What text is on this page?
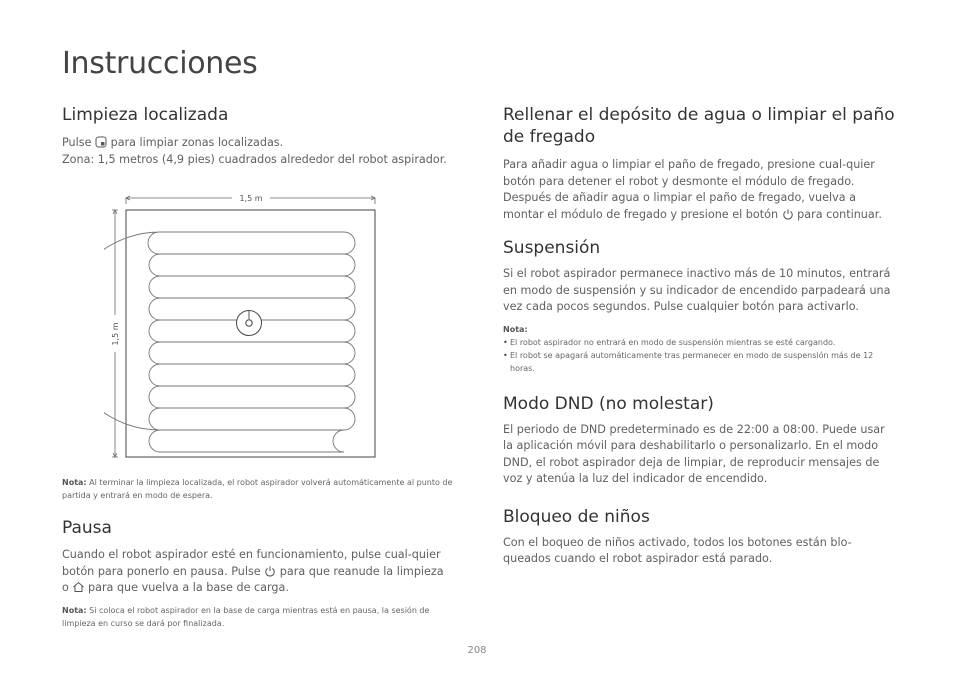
Instrucciones
Limpieza localizada

Pulse para limpiar zonas localizadas.
Zona: 1,5 metros (4,9 pies) cuadrados alrededor del robot aspirador.

1,5 m
1,5 m

Nota: Al terminar la limpieza localizada, el robot aspirador volverá automáticamente al punto de partida y entrará en modo de espera.

Pausa

Cuando el robot aspirador esté en funcionamiento, pulse cual-quier botón para ponerlo en pausa. Pulse para que reanude la limpieza o para que vuelva a la base de carga.

Nota: Si coloca el robot aspirador en la base de carga mientras está en pausa, la sesión de limpieza en curso se dará por finalizada.

Rellenar el depósito de agua o limpiar el paño de fregado

Para añadir agua o limpiar el paño de fregado, presione cual-quier botón para detener el robot y desmonte el módulo de fregado. Después de añadir agua o limpiar el paño de fregado, vuelva a montar el módulo de fregado y presione el botón para continuar.

Suspensión

Si el robot aspirador permanece inactivo más de 10 minutos, entrará en modo de suspensión y su indicador de encendido parpadeará una vez cada pocos segundos. Pulse cualquier botón para activarlo.

Nota:
• El robot aspirador no entrará en modo de suspensión mientras se esté cargando.
• El robot se apagará automáticamente tras permanecer en modo de suspensión más de 12 horas.
Modo DND (no molestar)

El periodo de DND predeterminado es de 22:00 a 08:00. Puede usar la aplicación móvil para deshabilitarlo o personalizarlo. En el modo DND, el robot aspirador deja de limpiar, de reproducir mensajes de voz y atenúa la luz del indicador de encendido.

Bloqueo de niños

Con el boqueo de niños activado, todos los botones están blo-queados cuando el robot aspirador está parado.

208
